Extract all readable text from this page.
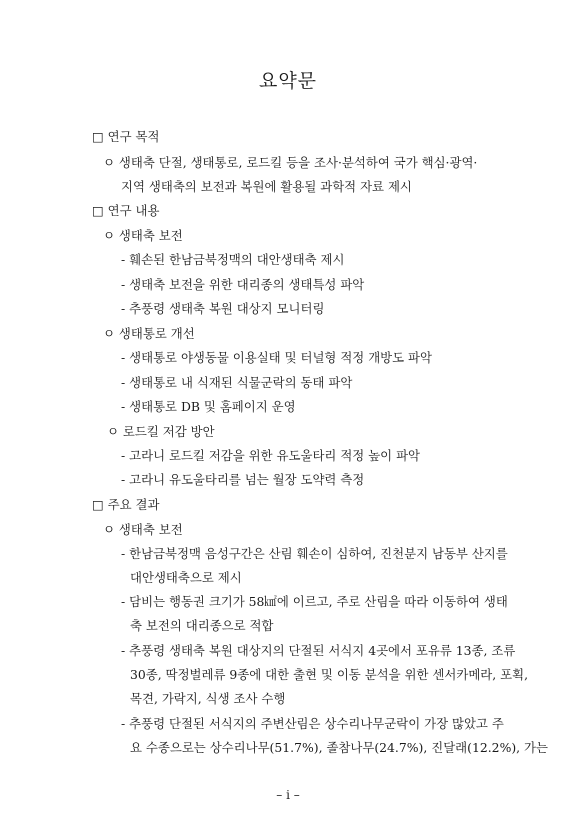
요약문
□ 연구 목적
ㅇ 생태축 단절, 생태통로, 로드킬 등을 조사·분석하여 국가 핵심·광역·
지역 생태축의 보전과 복원에 활용될 과학적 자료 제시
□ 연구 내용
ㅇ 생태축 보전
- 훼손된 한남금북정맥의 대안생태축 제시
- 생태축 보전을 위한 대리종의 생태특성 파악
- 추풍령 생태축 복원 대상지 모니터링
ㅇ 생태통로 개선
- 생태통로 야생동물 이용실태 및 터널형 적정 개방도 파악
- 생태통로 내 식재된 식물군락의 동태 파악
- 생태통로 DB 및 홈페이지 운영
ㅇ 로드킬 저감 방안
- 고라니 로드킬 저감을 위한 유도울타리 적정 높이 파악
- 고라니 유도울타리를 넘는 월장 도약력 측정
□ 주요 결과
ㅇ 생태축 보전
- 한남금북정맥 음성구간은 산림 훼손이 심하여, 진천분지 남동부 산지를
대안생태축으로 제시
- 담비는 행동권 크기가 58㎢에 이르고, 주로 산림을 따라 이동하여 생태
축 보전의 대리종으로 적합
- 추풍령 생태축 복원 대상지의 단절된 서식지 4곳에서 포유류 13종, 조류
30종, 딱정벌레류 9종에 대한 출현 및 이동 분석을 위한 센서카메라, 포획,
목견, 가락지, 식생 조사 수행
- 추풍령 단절된 서식지의 주변산림은 상수리나무군락이 가장 많았고 주
요 수종으로는 상수리나무(51.7%), 졸참나무(24.7%), 진달래(12.2%), 가는
– i –
